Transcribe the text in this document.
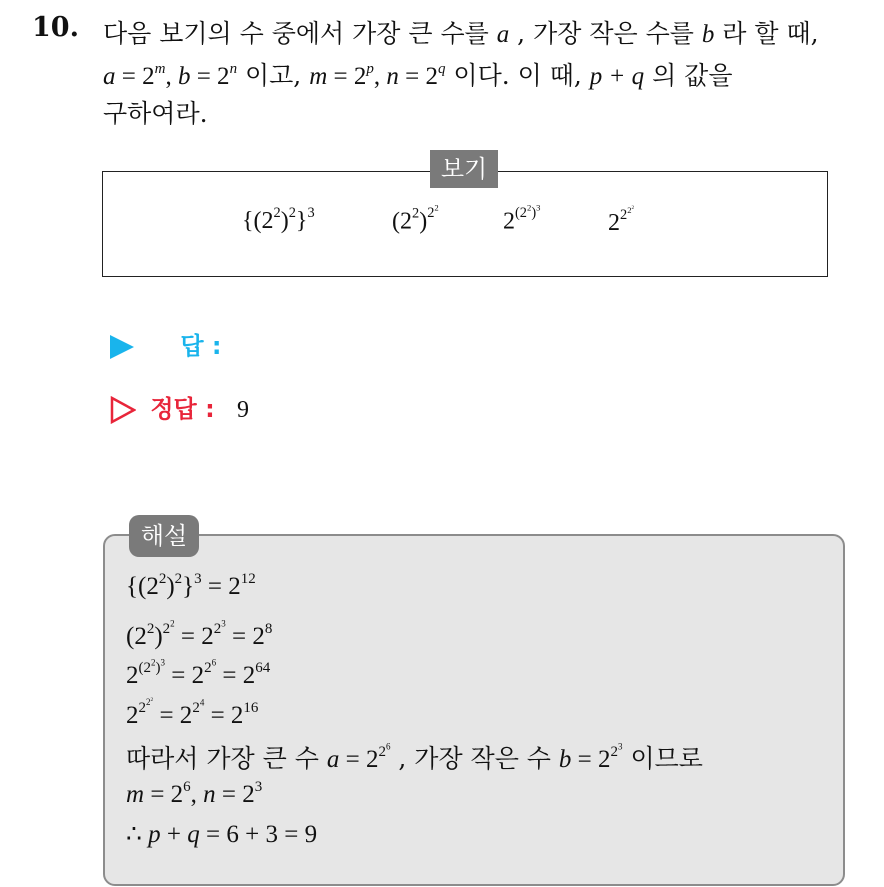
10. 다음 보기의 수 중에서 가장 큰 수를 a , 가장 작은 수를 b 라 할 때,
$a = 2^m$, $b = 2^n$ 이고, $m = 2^p$, $n = 2^q$ 이다. 이 때, p + q 의 값을
구하여라.
보기
$\{(2^2)^2\}^3$	$(2^2)^{2^2}$
$2^{(2^2)^3}$
$2^{2^{2^2}}$
답 :
정답 : 9
해설
$\{(2^2)^2\}^3 = 2^{12}$
$(2^2)^{2^2} = 2^{2^3} = 2^8$
$2^{(2^2)^3} = 2^{2^6} = 2^{64}$
$2^{2^{2^2}} = 2^{2^4} = 2^{16}$
따라서 가장 큰 수 $a = 2^{2^6}$ , 가장 작은 수 $b = 2^{2^3}$ 이므로
$m = 2^6$, $n = 2^3$
∴ p + q = 6 + 3 = 9
